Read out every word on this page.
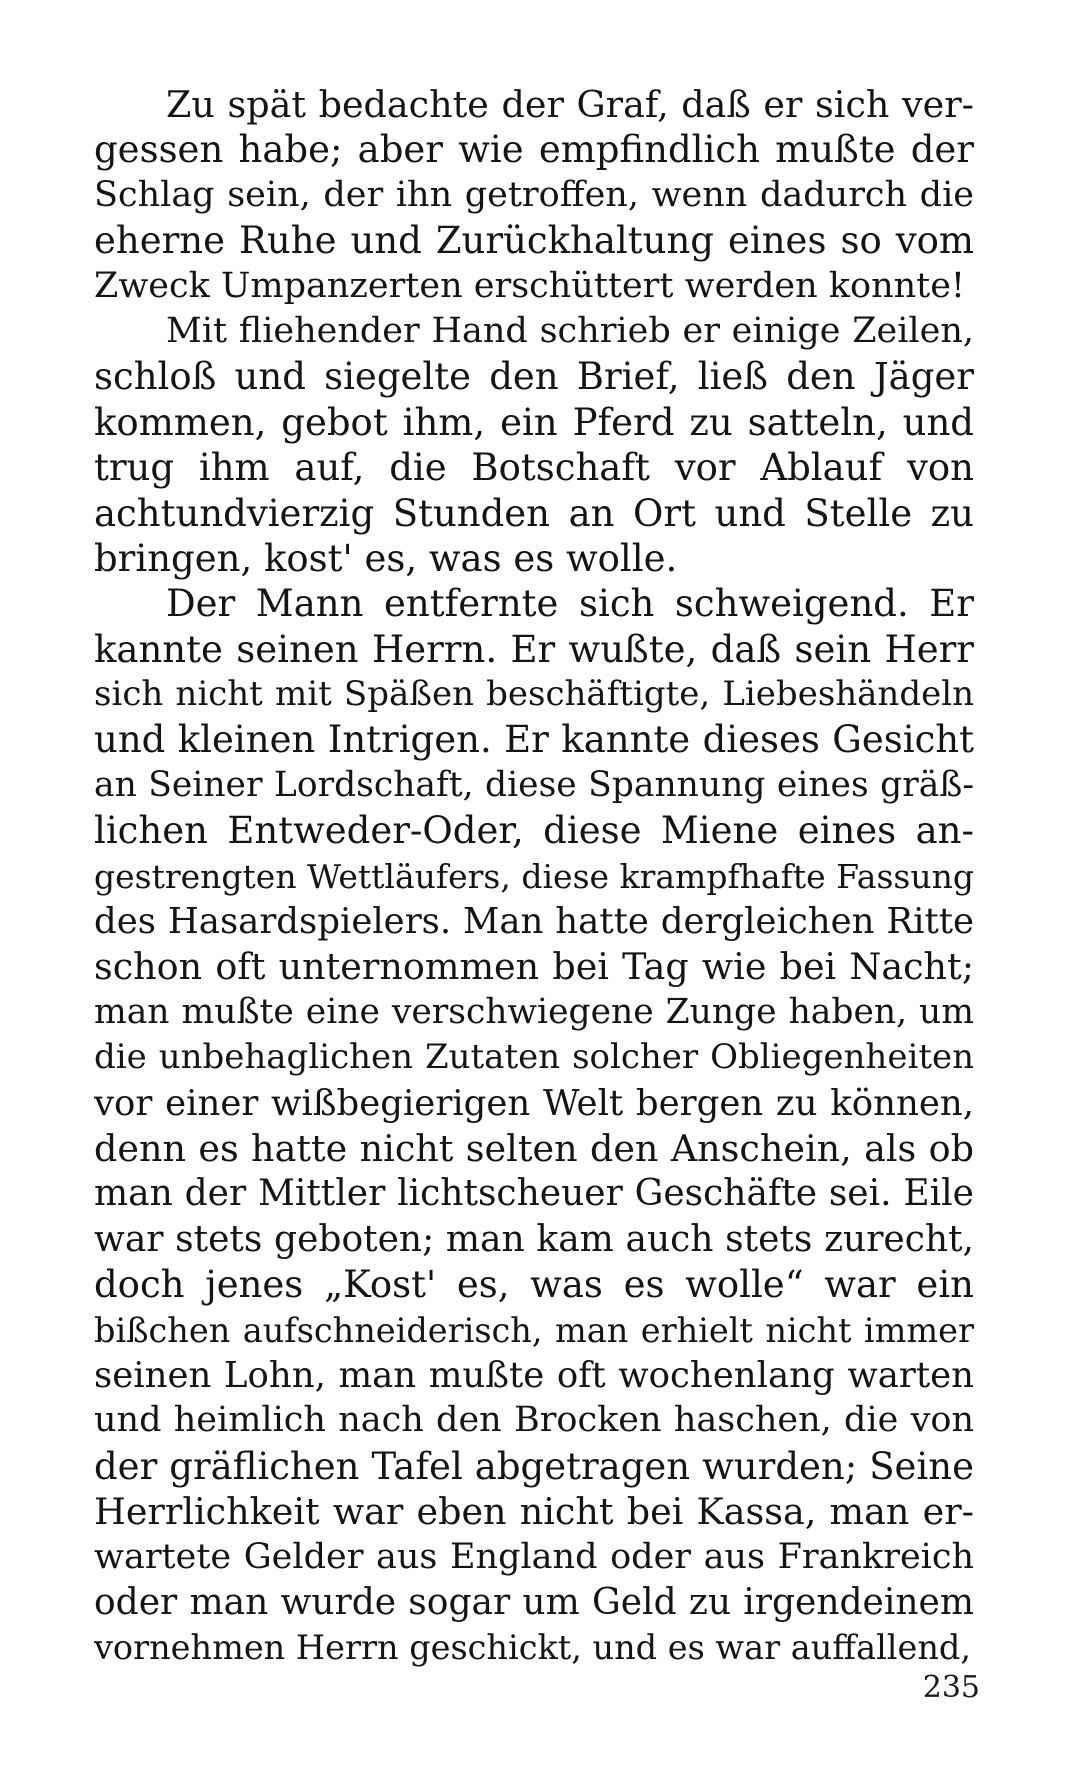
Zu spät bedachte der Graf, daß er sich ver-
gessen habe; aber wie empfindlich mußte der
Schlag sein, der ihn getroffen, wenn dadurch die
eherne Ruhe und Zurückhaltung eines so vom
Zweck Umpanzerten erschüttert werden konnte!
Mit fliehender Hand schrieb er einige Zeilen,
schloß und siegelte den Brief, ließ den Jäger
kommen, gebot ihm, ein Pferd zu satteln, und
trug ihm auf, die Botschaft vor Ablauf von
achtundvierzig Stunden an Ort und Stelle zu
bringen, kost' es, was es wolle.
Der Mann entfernte sich schweigend. Er
kannte seinen Herrn. Er wußte, daß sein Herr
sich nicht mit Späßen beschäftigte, Liebeshändeln
und kleinen Intrigen. Er kannte dieses Gesicht
an Seiner Lordschaft, diese Spannung eines gräß-
lichen Entweder-Oder, diese Miene eines an-
gestrengten Wettläufers, diese krampfhafte Fassung
des Hasardspielers. Man hatte dergleichen Ritte
schon oft unternommen bei Tag wie bei Nacht;
man mußte eine verschwiegene Zunge haben, um
die unbehaglichen Zutaten solcher Obliegenheiten
vor einer wißbegierigen Welt bergen zu können,
denn es hatte nicht selten den Anschein, als ob
man der Mittler lichtscheuer Geschäfte sei. Eile
war stets geboten; man kam auch stets zurecht,
doch jenes „Kost' es, was es wolle“ war ein
bißchen aufschneiderisch, man erhielt nicht immer
seinen Lohn, man mußte oft wochenlang warten
und heimlich nach den Brocken haschen, die von
der gräflichen Tafel abgetragen wurden; Seine
Herrlichkeit war eben nicht bei Kassa, man er-
wartete Gelder aus England oder aus Frankreich
oder man wurde sogar um Geld zu irgendeinem
vornehmen Herrn geschickt, und es war auffallend,
235
